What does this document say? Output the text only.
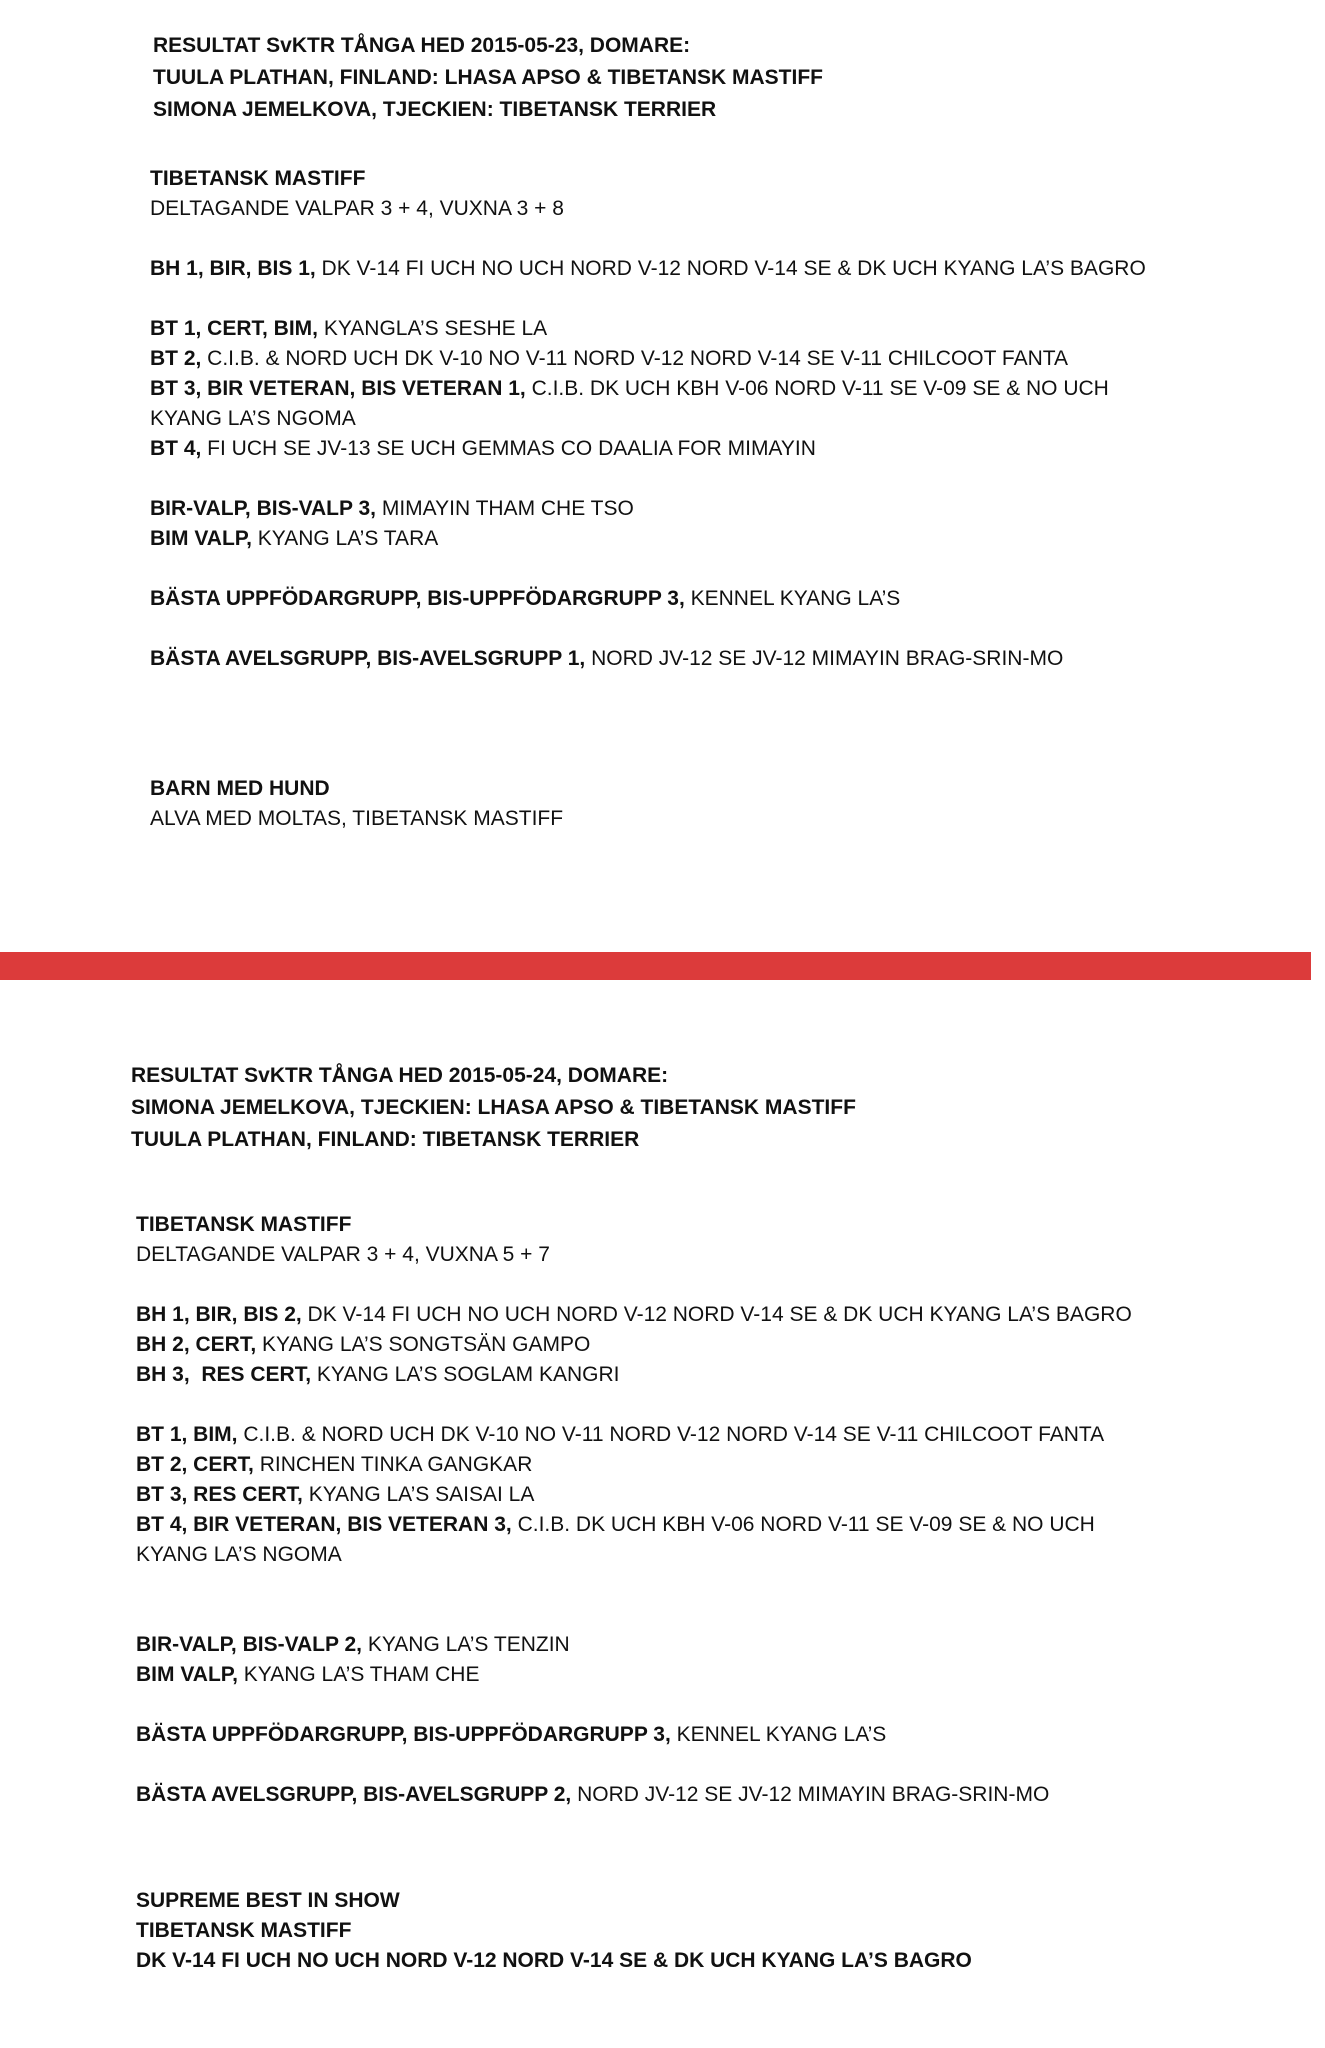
RESULTAT SvKTR TÅNGA HED 2015-05-23, DOMARE:
TUULA PLATHAN, FINLAND: LHASA APSO & TIBETANSK MASTIFF
SIMONA JEMELKOVA, TJECKIEN: TIBETANSK TERRIER
TIBETANSK MASTIFF
DELTAGANDE VALPAR 3 + 4, VUXNA 3 + 8
BH 1, BIR, BIS 1, DK V-14 FI UCH NO UCH NORD V-12 NORD V-14 SE & DK UCH KYANG LA’S BAGRO
BT 1, CERT, BIM, KYANGLA’S SESHE LA
BT 2, C.I.B. & NORD UCH DK V-10 NO V-11 NORD V-12 NORD V-14 SE V-11 CHILCOOT FANTA
BT 3, BIR VETERAN, BIS VETERAN 1, C.I.B. DK UCH KBH V-06 NORD V-11 SE V-09 SE & NO UCH KYANG LA’S NGOMA
BT 4, FI UCH SE JV-13 SE UCH GEMMAS CO DAALIA FOR MIMAYIN
BIR-VALP, BIS-VALP 3, MIMAYIN THAM CHE TSO
BIM VALP, KYANG LA’S TARA
BÄSTA UPPFÖDARGRUPP, BIS-UPPFÖDARGRUPP 3, KENNEL KYANG LA’S
BÄSTA AVELSGRUPP, BIS-AVELSGRUPP 1, NORD JV-12 SE JV-12 MIMAYIN BRAG-SRIN-MO
BARN MED HUND
ALVA MED MOLTAS, TIBETANSK MASTIFF
RESULTAT SvKTR TÅNGA HED 2015-05-24, DOMARE:
SIMONA JEMELKOVA, TJECKIEN: LHASA APSO & TIBETANSK MASTIFF
TUULA PLATHAN, FINLAND: TIBETANSK TERRIER
TIBETANSK MASTIFF
DELTAGANDE VALPAR 3 + 4, VUXNA 5 + 7
BH 1, BIR, BIS 2, DK V-14 FI UCH NO UCH NORD V-12 NORD V-14 SE & DK UCH KYANG LA’S BAGRO
BH 2, CERT, KYANG LA’S SONGTSÄN GAMPO
BH 3,  RES CERT, KYANG LA’S SOGLAM KANGRI
BT 1, BIM, C.I.B. & NORD UCH DK V-10 NO V-11 NORD V-12 NORD V-14 SE V-11 CHILCOOT FANTA
BT 2, CERT, RINCHEN TINKA GANGKAR
BT 3, RES CERT, KYANG LA’S SAISAI LA
BT 4, BIR VETERAN, BIS VETERAN 3, C.I.B. DK UCH KBH V-06 NORD V-11 SE V-09 SE & NO UCH KYANG LA’S NGOMA
BIR-VALP, BIS-VALP 2, KYANG LA’S TENZIN
BIM VALP, KYANG LA’S THAM CHE
BÄSTA UPPFÖDARGRUPP, BIS-UPPFÖDARGRUPP 3, KENNEL KYANG LA’S
BÄSTA AVELSGRUPP, BIS-AVELSGRUPP 2, NORD JV-12 SE JV-12 MIMAYIN BRAG-SRIN-MO
SUPREME BEST IN SHOW
TIBETANSK MASTIFF
DK V-14 FI UCH NO UCH NORD V-12 NORD V-14 SE & DK UCH KYANG LA’S BAGRO
